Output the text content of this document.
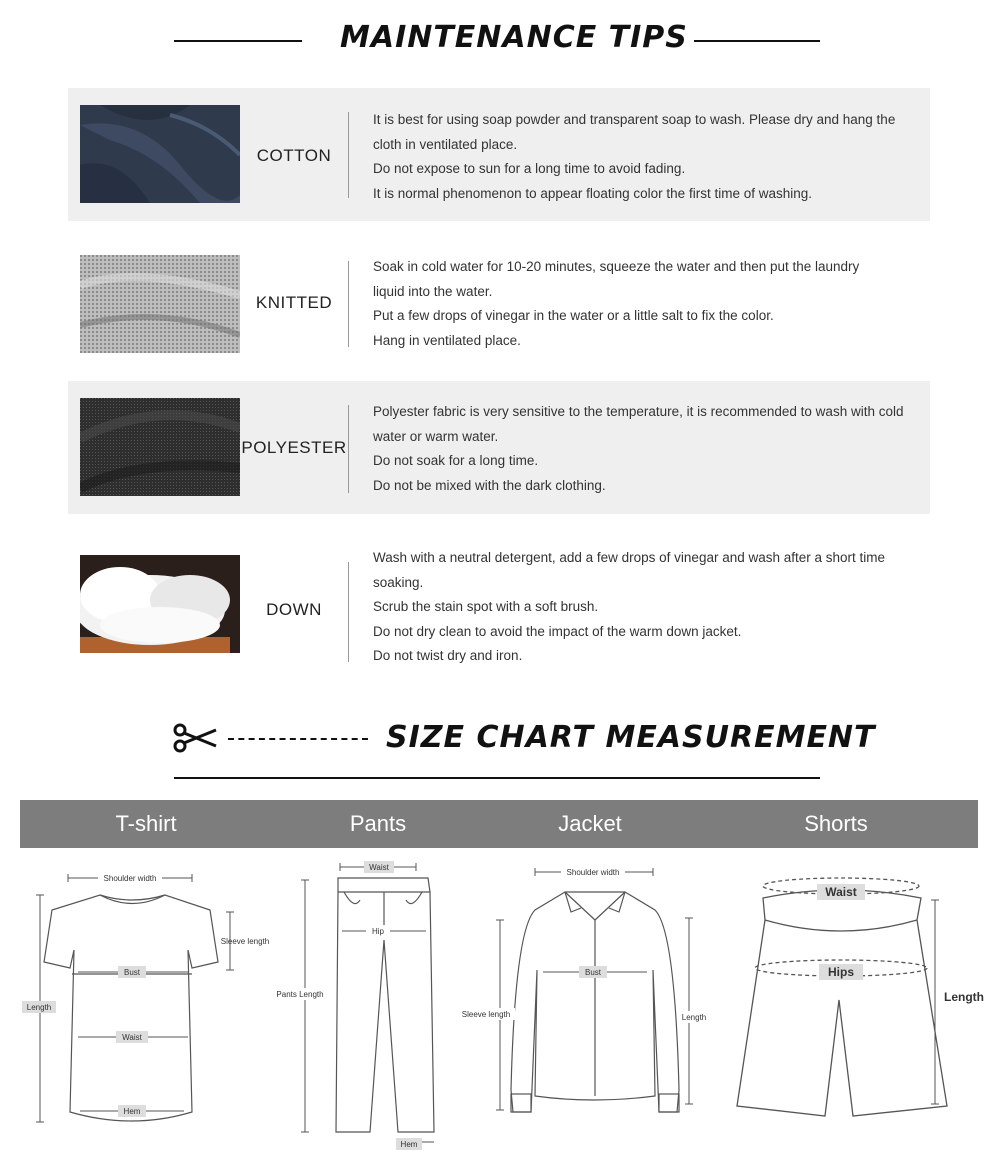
MAINTENANCE TIPS
COTTON
It is best for using soap powder and transparent soap to wash. Please dry and hang the
cloth in ventilated place.
Do not expose to sun for a long time to avoid fading.
It is normal phenomenon to appear floating color the first time of washing.
KNITTED
Soak in cold water for 10-20 minutes, squeeze the water and then put the laundry
liquid into the water.
Put a few drops of vinegar in the water or a little salt to fix the color.
Hang in ventilated place.
POLYESTER
Polyester fabric is very sensitive to the temperature, it is recommended to wash with cold
water or warm water.
Do not soak for a long time.
Do not be mixed with the dark clothing.
DOWN
Wash with a neutral detergent, add a few drops of vinegar and wash after a short time
soaking.
Scrub the stain spot with a soft brush.
Do not dry clean to avoid the impact of the warm down jacket.
Do not twist dry and iron.
SIZE CHART MEASUREMENT
T-shirt	Pants	Jacket	Shorts
Shoulder width
Sleeve length
Bust
Length
Waist
Hem
Waist
Hip
Pants Length
Hem
Shoulder width
Bust
Sleeve length	Length
Waist
Hips
Length
